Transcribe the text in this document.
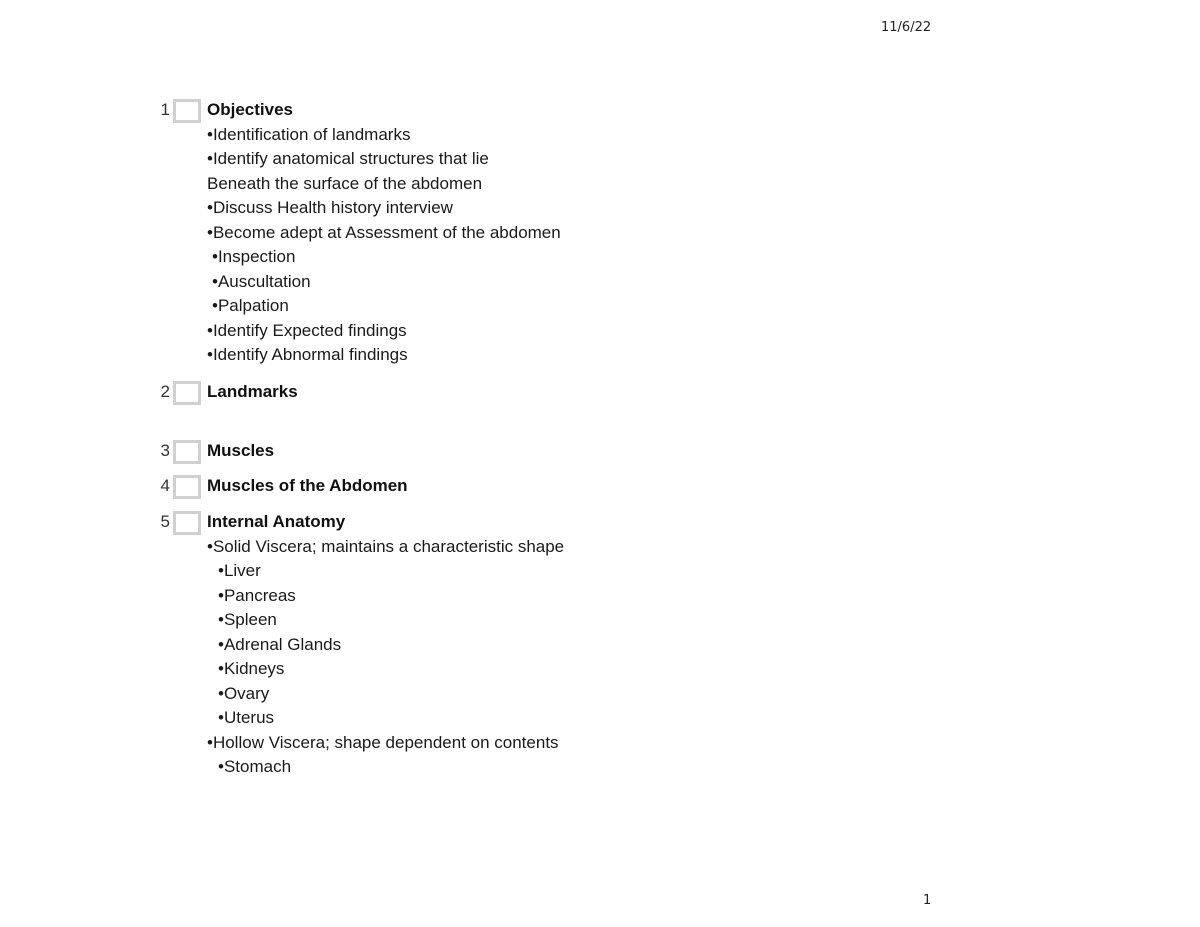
11/6/22
1 Objectives
•Identification of landmarks
•Identify anatomical structures that lie
Beneath the surface of the abdomen
•Discuss Health history interview
•Become adept at Assessment of the abdomen
•Inspection
•Auscultation
•Palpation
•Identify Expected findings
•Identify Abnormal findings
2 Landmarks
3 Muscles
4 Muscles of the Abdomen
5 Internal Anatomy
•Solid Viscera; maintains a characteristic shape
•Liver
•Pancreas
•Spleen
•Adrenal Glands
•Kidneys
•Ovary
•Uterus
•Hollow Viscera; shape dependent on contents
•Stomach
1
